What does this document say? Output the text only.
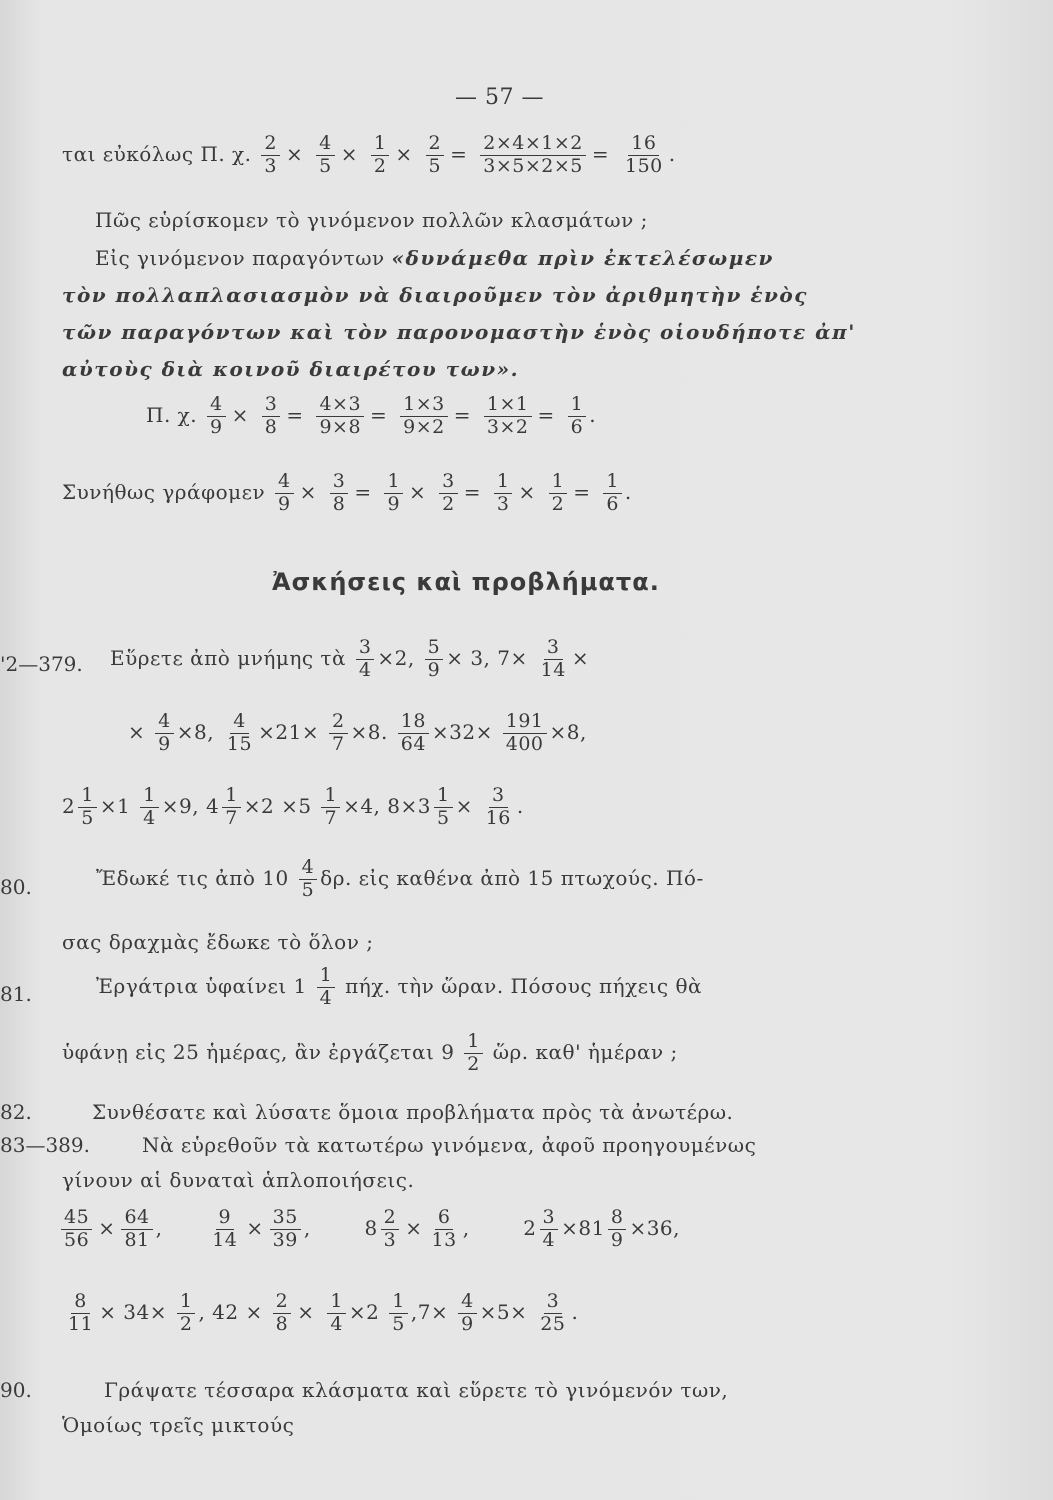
— 57 —
ται εὐκόλως Π. χ. $\frac{2}{3} \times \frac{4}{5} \times \frac{1}{2} \times \frac{2}{5} = \frac{2\times 4\times 1\times 2}{3\times 5\times 2\times 5} = \frac{16}{150}$ .
Πῶς εὑρίσκομεν τὸ γινόμενον πολλῶν κλασμάτων ;
Εἰς γινόμενον παραγόντων «δυνάμεθα πρὶν ἐκτελέσωμεν
τὸν πολλαπλασιασμὸν νὰ διαιροῦμεν τὸν ἀριθμητὴν ἑνὸς
τῶν παραγόντων καὶ τὸν παρονομαστὴν ἑνὸς οἱουδήποτε ἀπ'
αὐτοὺς διὰ κοινοῦ διαιρέτου των».
Π. χ. $\frac{4}{9} \times \frac{3}{8} = \frac{4\times 3}{9\times 8} = \frac{1\times 3}{9\times 2} = \frac{1\times 1}{3\times 2} = \frac{1}{6}$ .
Συνήθως γράφομεν $\frac{4}{9} \times \frac{3}{8} = \frac{1}{9} \times \frac{3}{2} = \frac{1}{3} \times \frac{1}{2} = \frac{1}{6}$ .
Ἀσκήσεις καὶ προβλήματα.
'2—379. Εὕρετε ἀπὸ μνήμης τὰ $\frac{3}{4} \times 2$, $\frac{5}{9} \times 3$, $7\times \frac{3}{14}$ ×
× $\frac{4}{9} \times 8$, $\frac{4}{15} \times 21\times \frac{2}{7} \times 8$. $\frac{18}{64} \times 32\times \frac{191}{400} \times 8$,
$2 \frac{1}{5} \times 1 \frac{1}{4} \times 9$, $4 \frac{1}{7} \times 2 \times 5 \frac{1}{7} \times 4$, $8\times 3 \frac{1}{5} \times \frac{3}{16}$ .
80.	Ἔδωκέ τις ἀπὸ $10 \frac{4}{5} \delta\rho$. εἰς καθένα ἀπὸ 15 πτωχούς. Πό-
σας δραχμὰς ἔδωκε τὸ ὅλον ;
81.	Ἐργάτρια ὑφαίνει $1 \frac{1}{4} \pi ή\chi$. τὴν ὥραν. Πόσους πήχεις θὰ
ὑφάνῃ εἰς 25 ἡμέρας, ἂν ἐργάζεται $9 \frac{1}{2}$ ὥρ. καθ' ἡμέραν ;
82.	Συνθέσατε καὶ λύσατε ὅμοια προβλήματα πρὸς τὰ ἀνωτέρω.
83—389.	Νὰ εὑρεθοῦν τὰ κατωτέρω γινόμενα, ἀφοῦ προηγουμένως
γίνουν αἱ δυναταὶ ἁπλοποιήσεις.
$\frac{45}{56} \times \frac{64}{81}$ , $\frac{9}{14} \times \frac{35}{39}$ ,	$8 \frac{2}{3} \times \frac{6}{13}$ ,	$2 \frac{3}{4} \times 81 \frac{8}{9} \times 36$,
$\frac{8}{11} \times 34\times \frac{1}{2}$ , $42 \times \frac{2}{8} \times \frac{1}{4} \times 2 \frac{1}{5} ,7\times \frac{4}{9} \times 5\times \frac{3}{25}$ .
90.	Γράψατε τέσσαρα κλάσματα καὶ εὕρετε τὸ γινόμενόν των,
Ὁμοίως τρεῖς μικτούς
